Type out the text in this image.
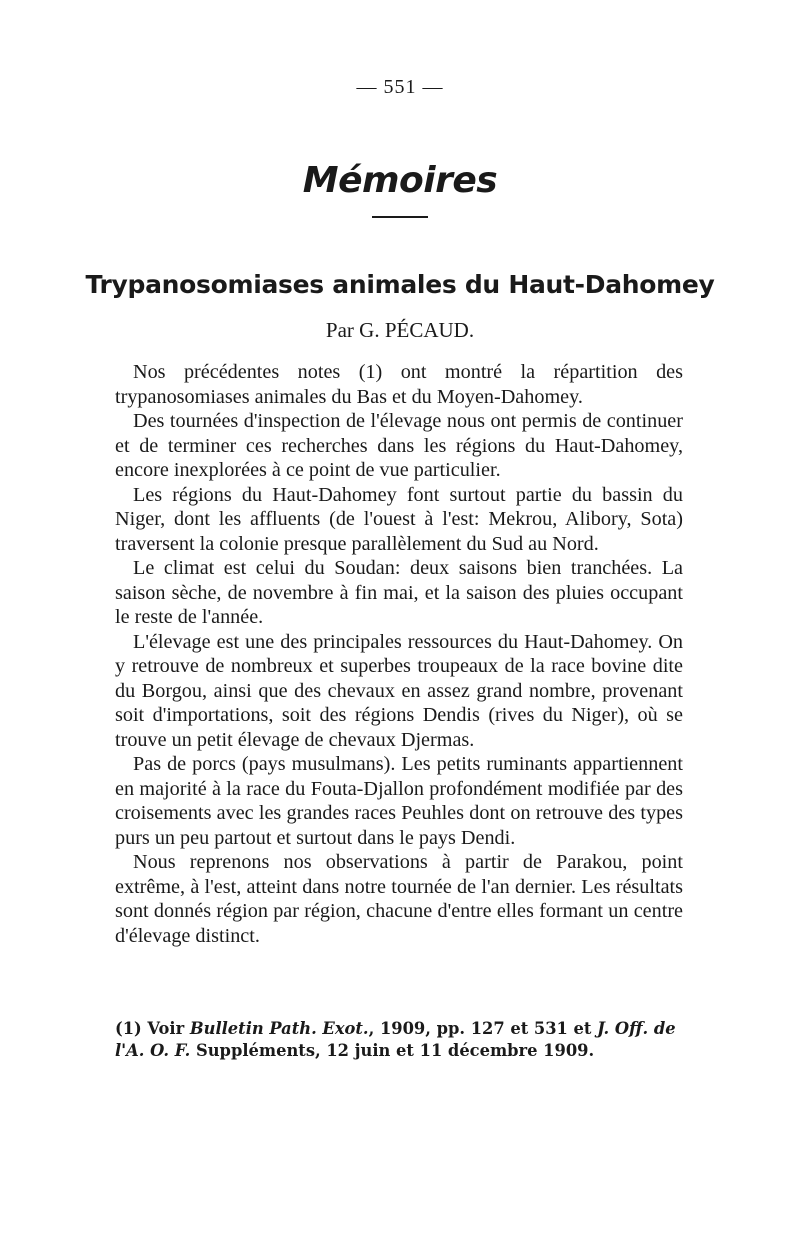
— 551 —
Mémoires
Trypanosomiases animales du Haut-Dahomey
Par G. PÉCAUD.

Nos précédentes notes (1) ont montré la répartition des trypanosomiases animales du Bas et du Moyen-Dahomey.

Des tournées d'inspection de l'élevage nous ont permis de continuer et de terminer ces recherches dans les régions du Haut-Dahomey, encore inexplorées à ce point de vue particulier.

Les régions du Haut-Dahomey font surtout partie du bassin du Niger, dont les affluents (de l'ouest à l'est: Mekrou, Alibory, Sota) traversent la colonie presque parallèlement du Sud au Nord.

Le climat est celui du Soudan: deux saisons bien tranchées. La saison sèche, de novembre à fin mai, et la saison des pluies occupant le reste de l'année.

L'élevage est une des principales ressources du Haut-Dahomey. On y retrouve de nombreux et superbes troupeaux de la race bovine dite du Borgou, ainsi que des chevaux en assez grand nombre, provenant soit d'importations, soit des régions Dendis (rives du Niger), où se trouve un petit élevage de chevaux Djermas.

Pas de porcs (pays musulmans). Les petits ruminants appartiennent en majorité à la race du Fouta-Djallon profondément modifiée par des croisements avec les grandes races Peuhles dont on retrouve des types purs un peu partout et surtout dans le pays Dendi.

Nous reprenons nos observations à partir de Parakou, point extrême, à l'est, atteint dans notre tournée de l'an dernier. Les résultats sont donnés région par région, chacune d'entre elles formant un centre d'élevage distinct.

(1) Voir Bulletin Path. Exot., 1909, pp. 127 et 531 et J. Off. de l'A. O. F. Suppléments, 12 juin et 11 décembre 1909.
